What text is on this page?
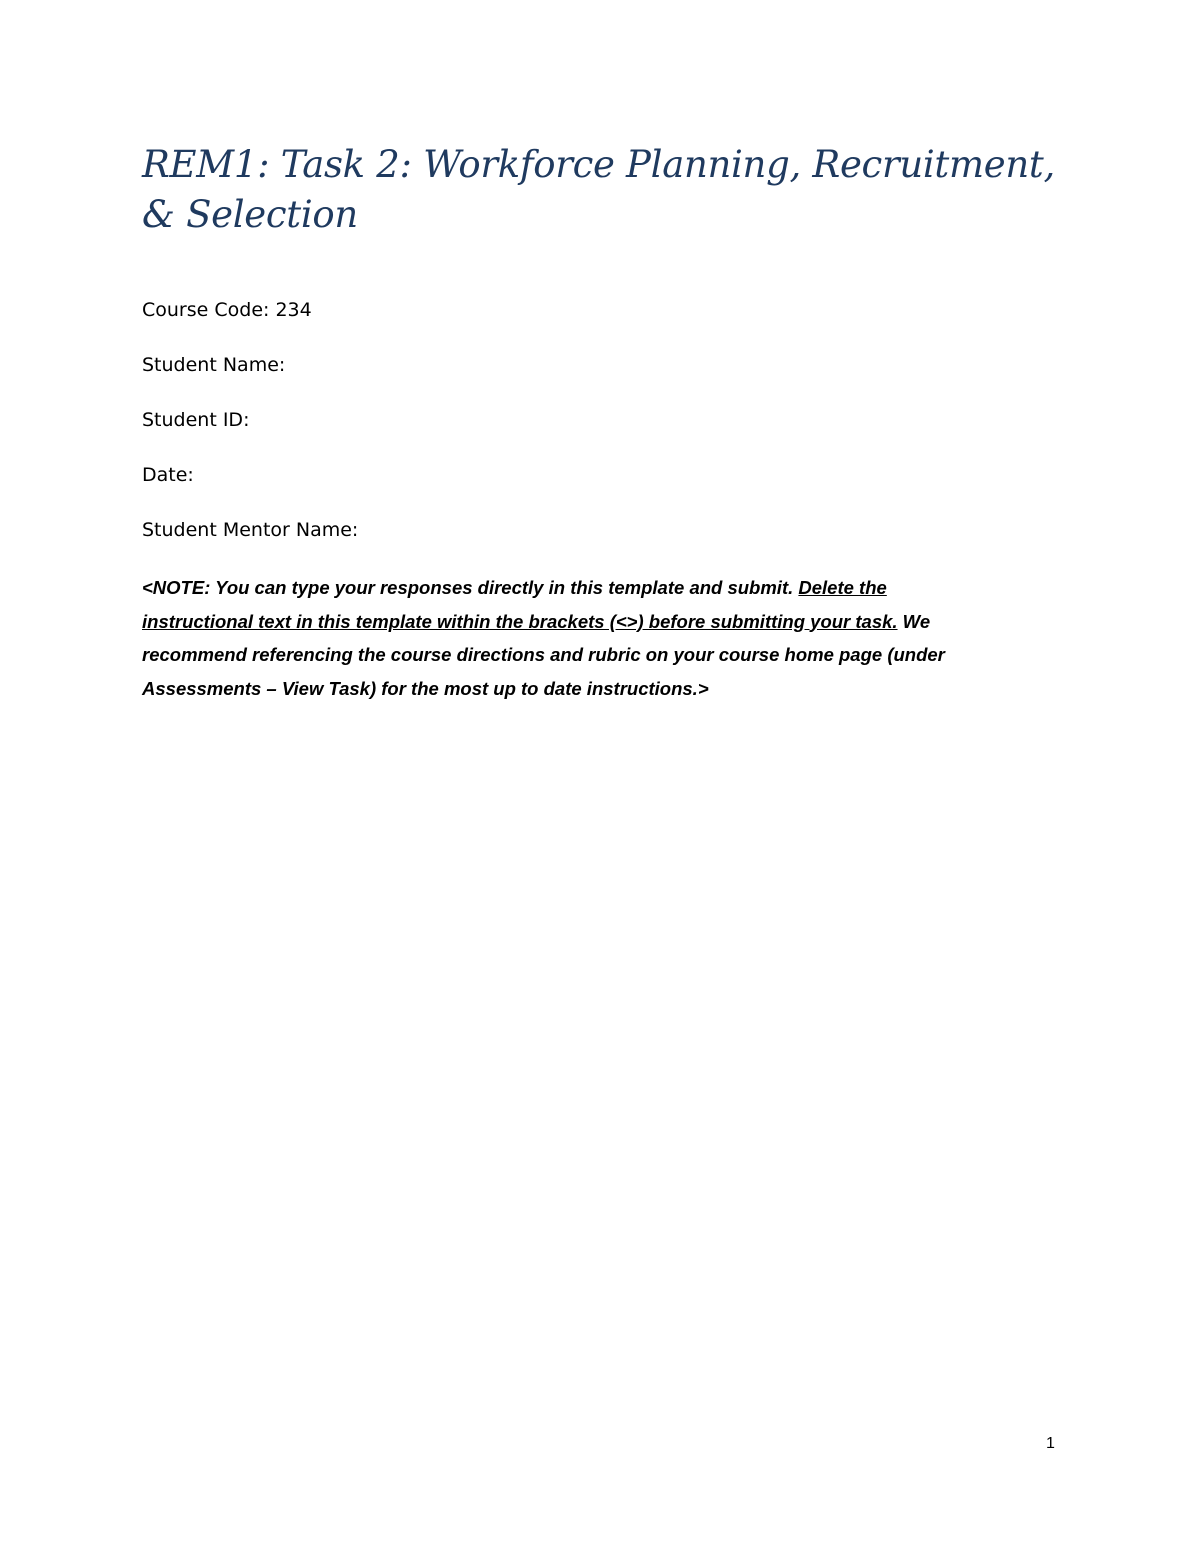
REM1: Task 2: Workforce Planning, Recruitment,
& Selection

Course Code: 234

Student Name:

Student ID:

Date:

Student Mentor Name:

<NOTE: You can type your responses directly in this template and submit. Delete the
instructional text in this template within the brackets (<>) before submitting your task. We
recommend referencing the course directions and rubric on your course home page (under
Assessments – View Task) for the most up to date instructions.>

1
